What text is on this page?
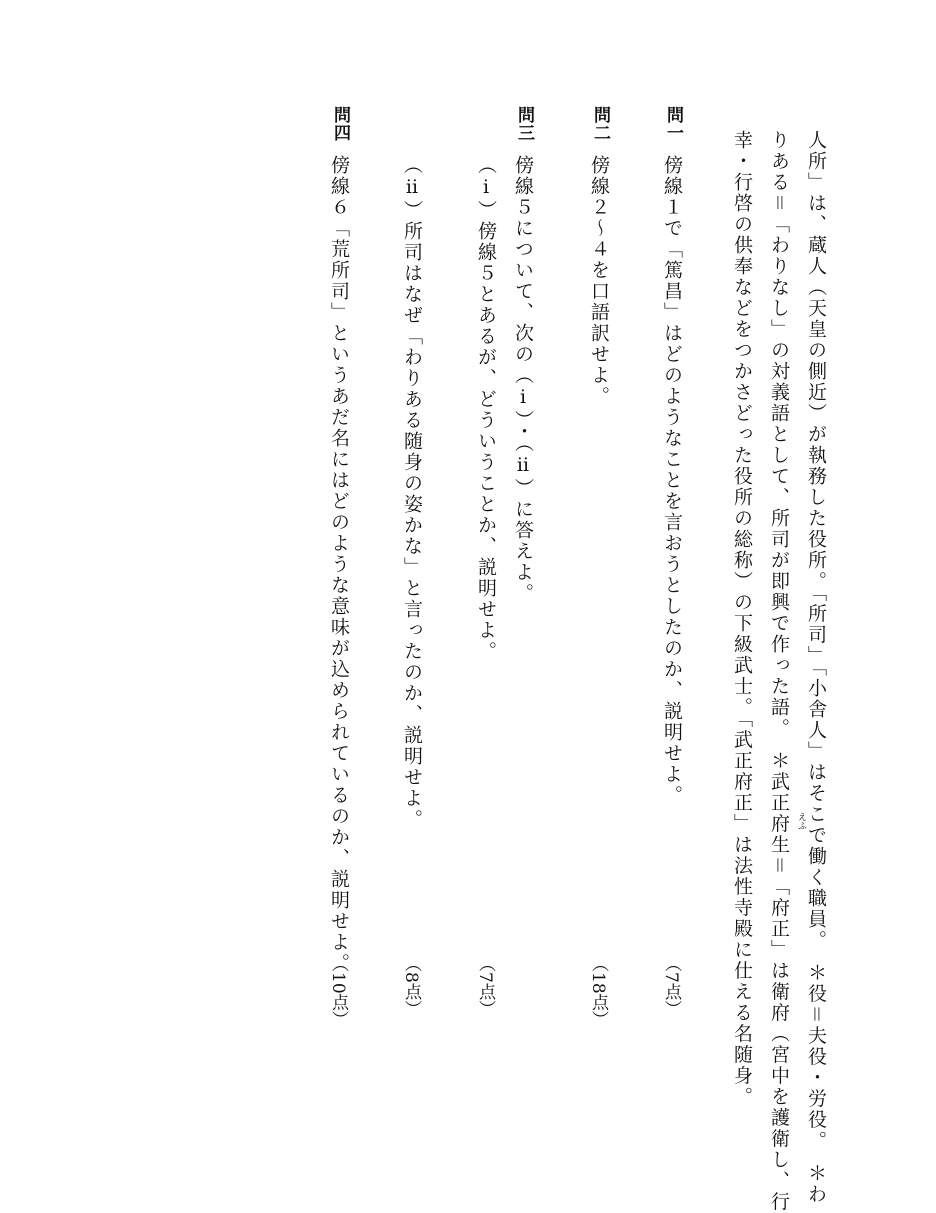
人所」は、蔵人（天皇の側近）が執務した役所。「所司」「小舎人」はそこで働く職員。　＊役＝夫役・労役。　＊わ
りある＝「わりなし」の対義語として、所司が即興で作った語。　＊武正府生＝「府正」は衛府（宮中を護衛し、行 えふ
幸・行啓の供奉などをつかさどった役所の総称）の下級武士。「武正府正」は法性寺殿に仕える名随身。
問一
傍線１で「篤昌」はどのようなことを言おうとしたのか、説明せよ。
（7点）
問二
傍線２〜４を口語訳せよ。
（18点）
問三
傍線５について、次の（ⅰ）・（ⅱ）に答えよ。
（ⅰ）傍線５とあるが、どういうことか、説明せよ。
（7点）
（ⅱ）所司はなぜ「わりある随身の姿かな」と言ったのか、説明せよ。
（8点）
問四
傍線６「荒所司」というあだ名にはどのような意味が込められているのか、説明せよ。
（10点）
